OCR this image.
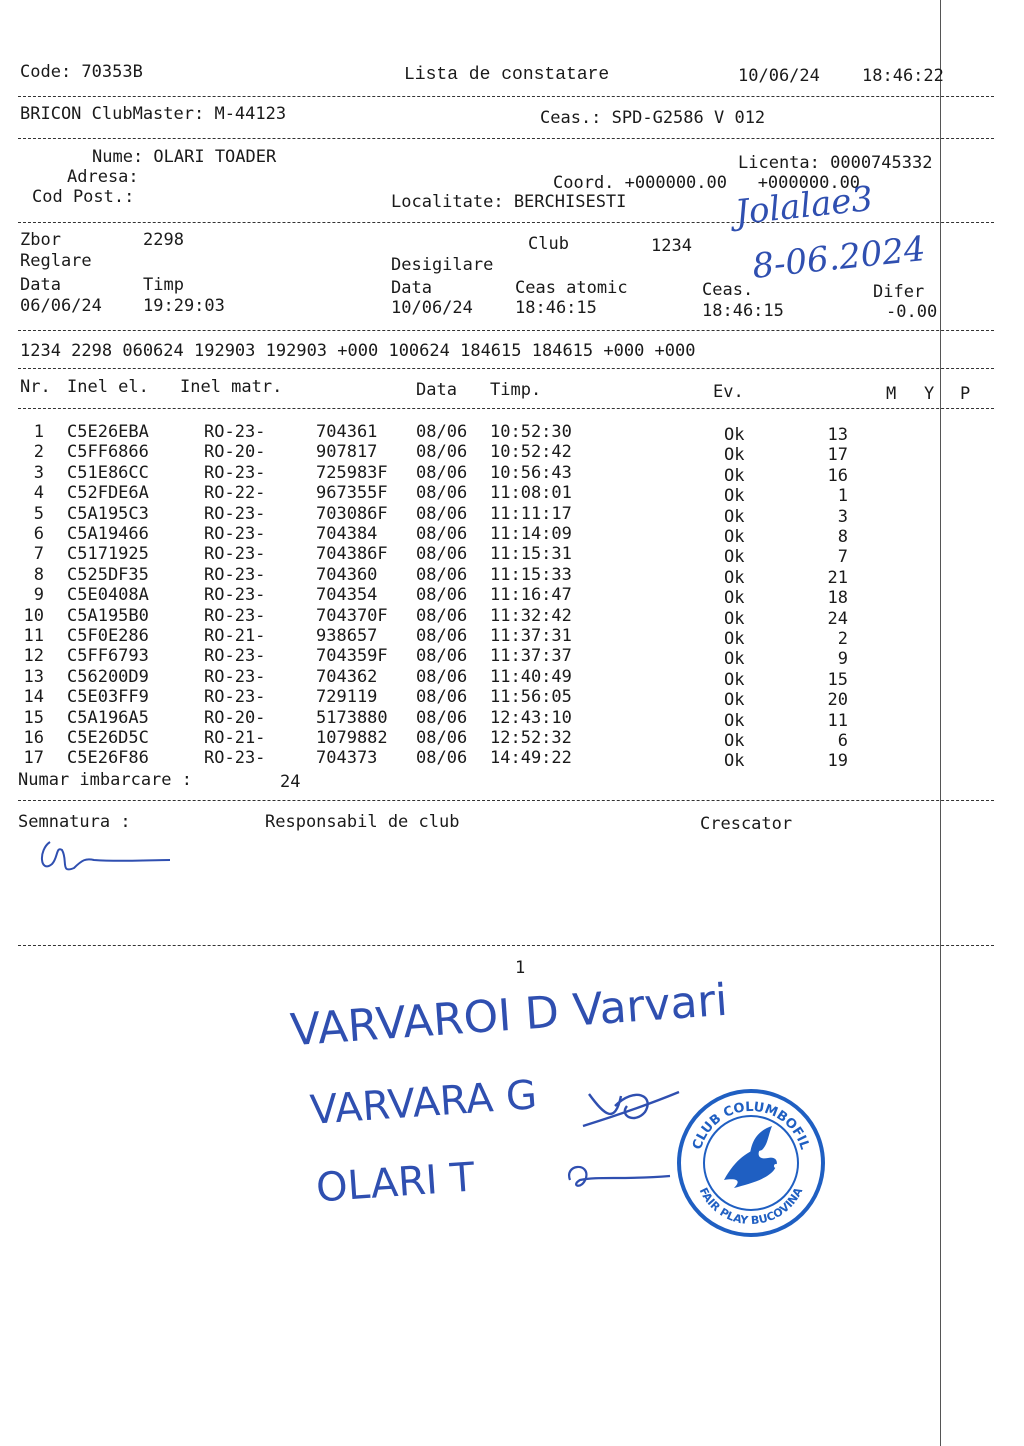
Code: 70353B	Lista de constatare	10/06/24 18:46:22
BRICON ClubMaster: M-44123	Ceas.: SPD-G2586 V 012
Nume: OLARI TOADER	Licenta: 0000745332
Adresa:	Coord. +000000.00   +000000.00
Cod Post.:	Localitate: BERCHISESTI
Zbor	2298	Club	1234
Reglare	Desigilare
Data	Timp	Data	Ceas atomic	Ceas.	Difer
06/06/24 19:29:03	10/06/24 18:46:15	18:46:15	-0.00
1234 2298 060624 192903 192903 +000 100624 184615 184615 +000 +000
Nr. Inel el. Inel matr.	Data Timp.	Ev.	M Y P
1 C5E26EBA	RO-23-	704361 08/06 10:52:30	Ok	13
2 C5FF6866	RO-20-	907817 08/06 10:52:42	Ok	17
3 C51E86CC	RO-23-	725983F 08/06 10:56:43	Ok	16
4 C52FDE6A	RO-22-	967355F 08/06 11:08:01	Ok	1
5 C5A195C3	RO-23-	703086F 08/06 11:11:17	Ok	3
6 C5A19466	RO-23-	704384 08/06 11:14:09	Ok	8
7 C5171925	RO-23-	704386F 08/06 11:15:31	Ok	7
8 C525DF35	RO-23-	704360 08/06 11:15:33	Ok	21
9 C5E0408A	RO-23-	704354 08/06 11:16:47	Ok	18
10 C5A195B0	RO-23-	704370F 08/06 11:32:42	Ok	24
11 C5F0E286	RO-21-	938657 08/06 11:37:31	Ok	2
12 C5FF6793	RO-23-	704359F 08/06 11:37:37	Ok	9
13 C56200D9	RO-23-	704362 08/06 11:40:49	Ok	15
14 C5E03FF9	RO-23-	729119 08/06 11:56:05	Ok	20
15 C5A196A5	RO-20-	5173880 08/06 12:43:10	Ok	11
16 C5E26D5C	RO-21-	1079882 08/06 12:52:32	Ok	6
17 C5E26F86	RO-23-	704373 08/06 14:49:22	Ok	19
Numar imbarcare :	24
Semnatura :	Responsabil de club	Crescator
1
Jolalae3
8-06.2024
VARVAROI D Varvari
VARVARA G
OLARI T
CLUB COLUMBOFIL
FAIR PLAY BUCOVINA
